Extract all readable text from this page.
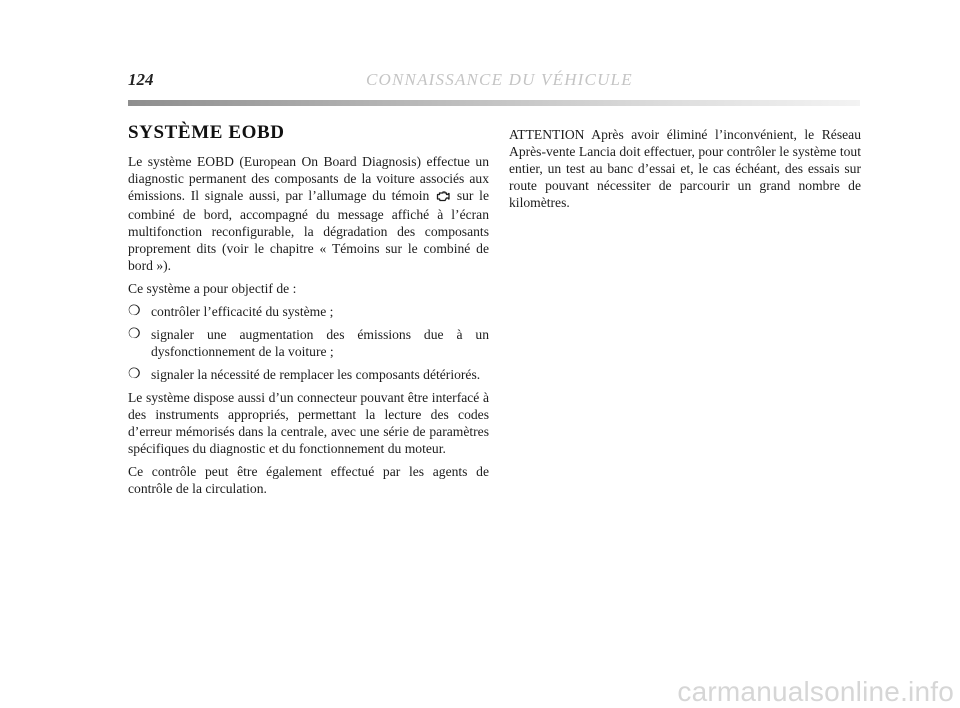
124	CONNAISSANCE DU VÉHICULE
SYSTÈME EOBD

Le système EOBD (European On Board Diagnosis) effectue un diagnostic permanent des composants de la voiture associés aux émissions. Il signale aussi, par l’allumage du témoin sur le combiné de bord, accompagné du message affiché à l’écran multifonction reconfigurable, la dégradation des composants proprement dits (voir le chapitre « Témoins sur le combiné de bord »).

Ce système a pour objectif de :

❍ contrôler l’efficacité du système ;
❍ signaler une augmentation des émissions due à un dysfonctionnement de la voiture ;
❍ signaler la nécessité de remplacer les composants détériorés.

Le système dispose aussi d’un connecteur pouvant être interfacé à des instruments appropriés, permettant la lecture des codes d’erreur mémorisés dans la centrale, avec une série de paramètres spécifiques du diagnostic et du fonctionnement du moteur.

Ce contrôle peut être également effectué par les agents de contrôle de la circulation.

ATTENTION Après avoir éliminé l’inconvénient, le Réseau Après-vente Lancia doit effectuer, pour contrôler le système tout entier, un test au banc d’essai et, le cas échéant, des essais sur route pouvant nécessiter de parcourir un grand nombre de kilomètres.

carmanualsonline.info
